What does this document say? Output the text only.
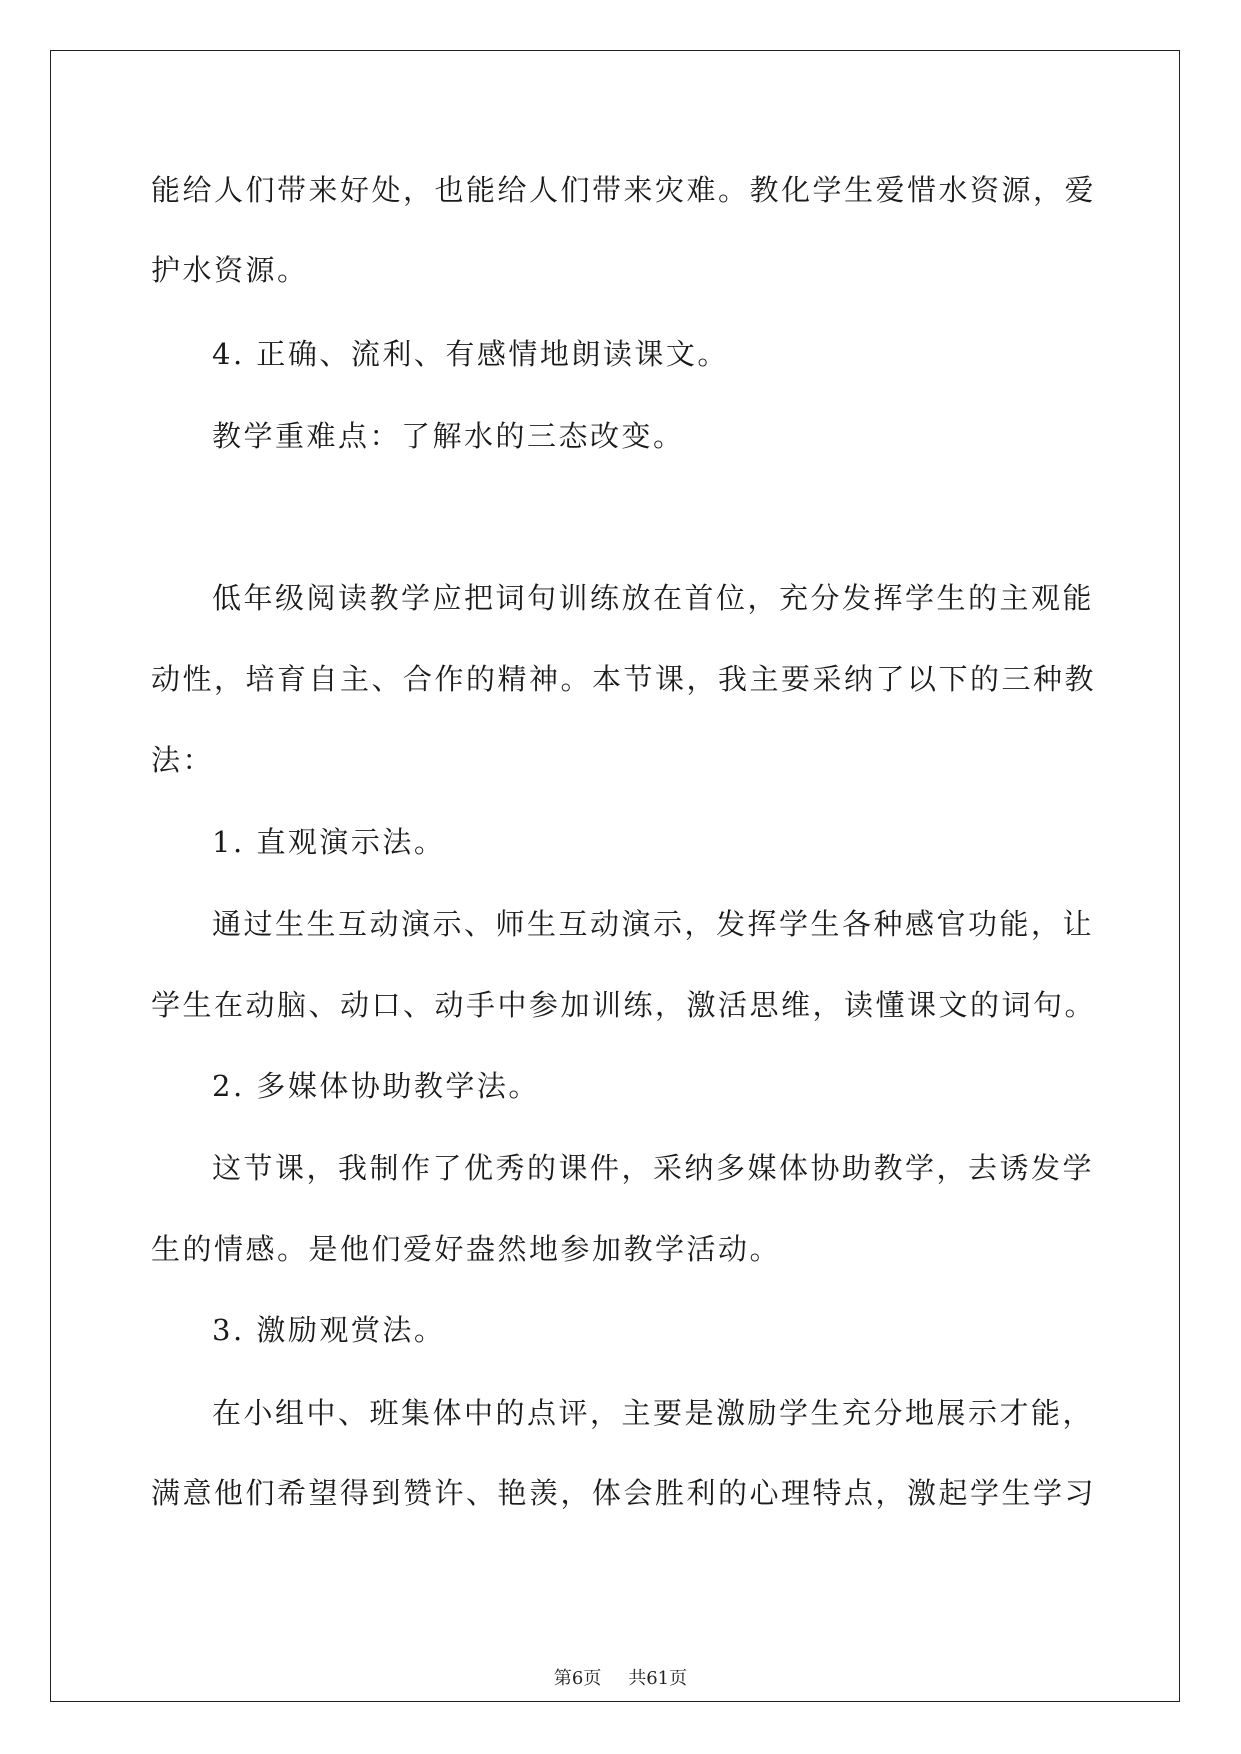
能给人们带来好处，也能给人们带来灾难。教化学生爱惜水资源，爱
护水资源。
4. 正确、流利、有感情地朗读课文。
教学重难点：了解水的三态改变。
低年级阅读教学应把词句训练放在首位，充分发挥学生的主观能
动性，培育自主、合作的精神。本节课，我主要采纳了以下的三种教
法：
1. 直观演示法。
通过生生互动演示、师生互动演示，发挥学生各种感官功能，让
学生在动脑、动口、动手中参加训练，激活思维，读懂课文的词句。
2. 多媒体协助教学法。
这节课，我制作了优秀的课件，采纳多媒体协助教学，去诱发学
生的情感。是他们爱好盎然地参加教学活动。
3. 激励观赏法。
在小组中、班集体中的点评，主要是激励学生充分地展示才能，
满意他们希望得到赞许、艳羡，体会胜利的心理特点，激起学生学习
第6页 共61页
